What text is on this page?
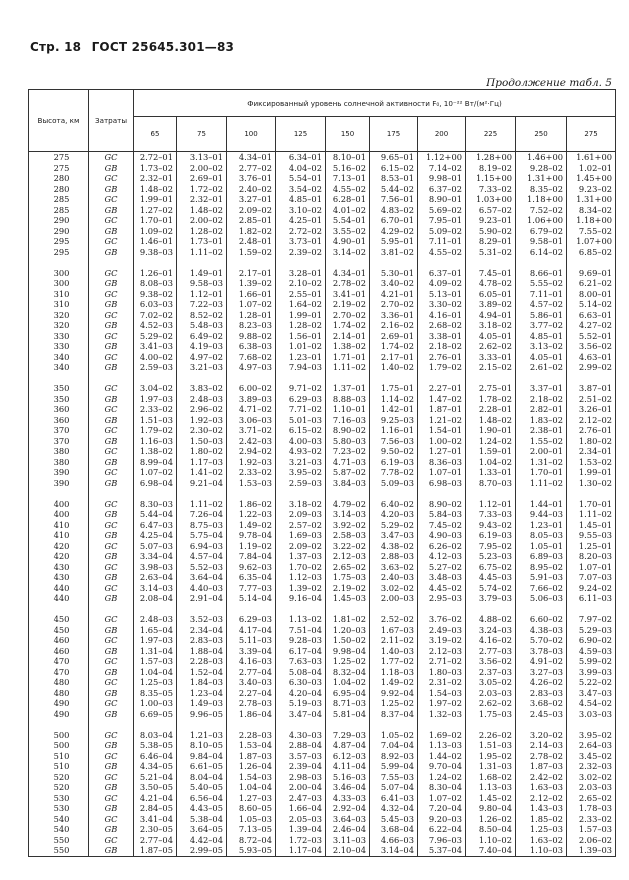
Стр. 18 ГОСТ 25645.301—83
Продолжение табл. 5
Высота, км	Затраты	Фиксированный уровень солнечной активности F₀, 10⁻²² Вт/(м²·Гц)									
		65	75	100	125	150	175	200	225	250	275
275	GC	2.72–01	3.13–01	4.34–01	6.34–01	8.10–01	9.65–01	1.12+00	1.28+00	1.46+00	1.61+00
275	GB	1.73–02	2.00–02	2.77–02	4.04–02	5.16–02	6.15–02	7.14–02	8.19–02	9.28–02	1.02–01
280	GC	2.32–01	2.69–01	3.76–01	5.54–01	7.13–01	8.53–01	9.98–01	1.15+00	1.31+00	1.45+00
280	GB	1.48–02	1.72–02	2.40–02	3.54–02	4.55–02	5.44–02	6.37–02	7.33–02	8.35–02	9.23–02
285	GC	1.99–01	2.32–01	3.27–01	4.85–01	6.28–01	7.56–01	8.90–01	1.03+00	1.18+00	1.31+00
285	GB	1.27–02	1.48–02	2.09–02	3.10–02	4.01–02	4.83–02	5.69–02	6.57–02	7.52–02	8.34–02
290	GC	1.70–01	2.00–02	2.85–01	4.25–01	5.54–01	6.70–01	7.95–01	9.23–01	1.06+00	1.18+00
290	GB	1.09–02	1.28–02	1.82–02	2.72–02	3.55–02	4.29–02	5.09–02	5.90–02	6.79–02	7.55–02
295	GC	1.46–01	1.73–01	2.48–01	3.73–01	4.90–01	5.95–01	7.11–01	8.29–01	9.58–01	1.07+00
295	GB	9.38–03	1.11–02	1.59–02	2.39–02	3.14–02	3.81–02	4.55–02	5.31–02	6.14–02	6.85–02

300	GC	1.26–01	1.49–01	2.17–01	3.28–01	4.34–01	5.30–01	6.37–01	7.45–01	8.66–01	9.69–01
300	GB	8.08–03	9.58–03	1.39–02	2.10–02	2.78–02	3.40–02	4.09–02	4.78–02	5.55–02	6.21–02
310	GC	9.38–02	1.12–01	1.66–01	2.55–01	3.41–01	4.21–01	5.13–01	6.05–01	7.11–01	8.00–01
310	GB	6.03–03	7.22–03	1.07–02	1.64–02	2.19–02	2.70–02	3.30–02	3.89–02	4.57–02	5.14–02
320	GC	7.02–02	8.52–02	1.28–01	1.99–01	2.70–02	3.36–01	4.16–01	4.94–01	5.86–01	6.63–01
320	GB	4.52–03	5.48–03	8.23–03	1.28–02	1.74–02	2.16–02	2.68–02	3.18–02	3.77–02	4.27–02
330	GC	5.29–02	6.49–02	9.88–02	1.56–01	2.14–01	2.69–01	3.38–01	4.05–01	4.85–01	5.52–01
330	GB	3.41–03	4.19–03	6.38–03	1.01–02	1.38–02	1.74–02	2.18–02	2.62–02	3.13–02	3.56–02
340	GC	4.00–02	4.97–02	7.68–02	1.23–01	1.71–01	2.17–01	2.76–01	3.33–01	4.05–01	4.63–01
340	GB	2.59–03	3.21–03	4.97–03	7.94–03	1.11–02	1.40–02	1.79–02	2.15–02	2.61–02	2.99–02

350	GC	3.04–02	3.83–02	6.00–02	9.71–02	1.37–01	1.75–01	2.27–01	2.75–01	3.37–01	3.87–01
350	GB	1.97–03	2.48–03	3.89–03	6.29–03	8.88–03	1.14–02	1.47–02	1.78–02	2.18–02	2.51–02
360	GC	2.33–02	2.96–02	4.71–02	7.71–02	1.10–01	1.42–01	1.87–01	2.28–01	2.82–01	3.26–01
360	GB	1.51–03	1.92–03	3.06–03	5.01–03	7.16–03	9.25–03	1.21–02	1.48–02	1.83–02	2.12–02
370	GC	1.79–02	2.30–02	3.71–02	6.15–02	8.90–02	1.16–01	1.54–01	1.90–01	2.38–01	2.76–01
370	GB	1.16–03	1.50–03	2.42–03	4.00–03	5.80–03	7.56–03	1.00–02	1.24–02	1.55–02	1.80–02
380	GC	1.38–02	1.80–02	2.94–02	4.93–02	7.23–02	9.50–02	1.27–01	1.59–01	2.00–01	2.34–01
380	GB	8.99–04	1.17–03	1.92–03	3.21–03	4.71–03	6.19–03	8.36–03	1.04–02	1.31–02	1.53–02
390	GC	1.07–02	1.41–02	2.33–02	3.95–02	5.87–02	7.78–02	1.07–01	1.33–01	1.70–01	1.99–01
390	GB	6.98–04	9.21–04	1.53–03	2.59–03	3.84–03	5.09–03	6.98–03	8.70–03	1.11–02	1.30–02

400	GC	8.30–03	1.11–02	1.86–02	3.18–02	4.79–02	6.40–02	8.90–02	1.12–01	1.44–01	1.70–01
400	GB	5.44–04	7.26–04	1.22–03	2.09–03	3.14–03	4.20–03	5.84–03	7.33–03	9.44–03	1.11–02
410	GC	6.47–03	8.75–03	1.49–02	2.57–02	3.92–02	5.29–02	7.45–02	9.43–02	1.23–01	1.45–01
410	GB	4.25–04	5.75–04	9.78–04	1.69–03	2.58–03	3.47–03	4.90–03	6.19–03	8.05–03	9.55–03
420	GC	5.07–03	6.94–03	1.19–02	2.09–02	3.22–02	4.38–02	6.26–02	7.95–02	1.05–01	1.25–01
420	GB	3.34–04	4.57–04	7.84–04	1.37–03	2.12–03	2.88–03	4.12–03	5.23–03	6.89–03	8.20–03
430	GC	3.98–03	5.52–03	9.62–03	1.70–02	2.65–02	3.63–02	5.27–02	6.75–02	8.95–02	1.07–01
430	GB	2.63–04	3.64–04	6.35–04	1.12–03	1.75–03	2.40–03	3.48–03	4.45–03	5.91–03	7.07–03
440	GC	3.14–03	4.40–03	7.77–03	1.39–02	2.19–02	3.02–02	4.45–02	5.74–02	7.66–02	9.24–02
440	GB	2.08–04	2.91–04	5.14–04	9.16–04	1.45–03	2.00–03	2.95–03	3.79–03	5.06–03	6.11–03

450	GC	2.48–03	3.52–03	6.29–03	1.13–02	1.81–02	2.52–02	3.76–02	4.88–02	6.60–02	7.97–02
450	GB	1.65–04	2.34–04	4.17–04	7.51–04	1.20–03	1.67–03	2.49–03	3.24–03	4.38–03	5.29–03
460	GC	1.97–03	2.83–03	5.11–03	9.28–03	1.50–02	2.11–02	3.19–02	4.16–02	5.70–02	6.90–02
460	GB	1.31–04	1.88–04	3.39–04	6.17–04	9.98–04	1.40–03	2.12–03	2.77–03	3.78–03	4.59–03
470	GC	1.57–03	2.28–03	4.16–03	7.63–03	1.25–02	1.77–02	2.71–02	3.56–02	4.91–02	5.99–02
470	GB	1.04–04	1.52–04	2.77–04	5.08–04	8.32–04	1.18–03	1.80–03	2.37–03	3.27–03	3.99–03
480	GC	1.25–03	1.84–03	3.40–03	6.30–03	1.04–02	1.49–02	2.31–02	3.05–02	4.26–02	5.22–02
480	GB	8.35–05	1.23–04	2.27–04	4.20–04	6.95–04	9.92–04	1.54–03	2.03–03	2.83–03	3.47–03
490	GC	1.00–03	1.49–03	2.78–03	5.19–03	8.71–03	1.25–02	1.97–02	2.62–02	3.68–02	4.54–02
490	GB	6.69–05	9.96–05	1.86–04	3.47–04	5.81–04	8.37–04	1.32–03	1.75–03	2.45–03	3.03–03

500	GC	8.03–04	1.21–03	2.28–03	4.30–03	7.29–03	1.05–02	1.69–02	2.26–02	3.20–02	3.95–02
500	GB	5.38–05	8.10–05	1.53–04	2.88–04	4.87–04	7.04–04	1.13–03	1.51–03	2.14–03	2.64–03
510	GC	6.46–04	9.84–04	1.87–03	3.57–03	6.12–03	8.92–03	1.44–02	1.95–02	2.78–02	3.45–02
510	GB	4.34–05	6.61–05	1.26–04	2.39–04	4.11–04	5.99–04	9.70–04	1.31–03	1.87–03	2.32–03
520	GC	5.21–04	8.04–04	1.54–03	2.98–03	5.16–03	7.55–03	1.24–02	1.68–02	2.42–02	3.02–02
520	GB	3.50–05	5.40–05	1.04–04	2.00–04	3.46–04	5.07–04	8.30–04	1.13–03	1.63–03	2.03–03
530	GC	4.21–04	6.56–04	1.27–03	2.47–03	4.33–03	6.41–03	1.07–02	1.45–02	2.12–02	2.65–02
530	GB	2.84–05	4.43–05	8.60–05	1.66–04	2.92–04	4.32–04	7.20–04	9.80–04	1.43–03	1.78–03
540	GC	3.41–04	5.38–04	1.05–03	2.05–03	3.64–03	5.45–03	9.20–03	1.26–02	1.85–02	2.33–02
540	GB	2.30–05	3.64–05	7.13–05	1.39–04	2.46–04	3.68–04	6.22–04	8.50–04	1.25–03	1.57–03
550	GC	2.77–04	4.42–04	8.72–04	1.72–03	3.11–03	4.66–03	7.96–03	1.10–02	1.63–02	2.06–02
550	GB	1.87–05	2.99–05	5.93–05	1.17–04	2.10–04	3.14–04	5.37–04	7.40–04	1.10–03	1.39–03
